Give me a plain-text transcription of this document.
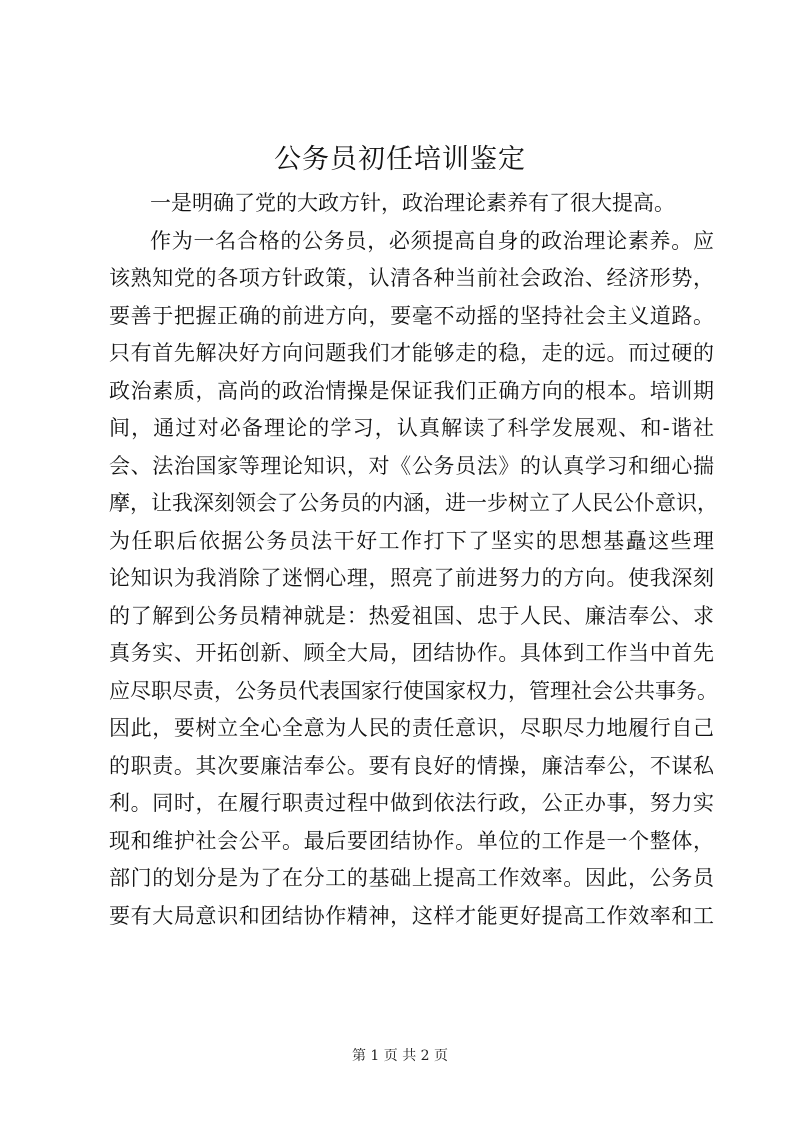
公务员初任培训鉴定
一是明确了党的大政方针，政治理论素养有了很大提高。
作为一名合格的公务员，必须提高自身的政治理论素养。应
该熟知党的各项方针政策，认清各种当前社会政治、经济形势，
要善于把握正确的前进方向，要毫不动摇的坚持社会主义道路。
只有首先解决好方向问题我们才能够走的稳，走的远。而过硬的
政治素质，高尚的政治情操是保证我们正确方向的根本。培训期
间，通过对必备理论的学习，认真解读了科学发展观、和-谐社
会、法治国家等理论知识，对《公务员法》的认真学习和细心揣
摩，让我深刻领会了公务员的内涵，进一步树立了人民公仆意识，
为任职后依据公务员法干好工作打下了坚实的思想基矗这些理
论知识为我消除了迷惘心理，照亮了前进努力的方向。使我深刻
的了解到公务员精神就是：热爱祖国、忠于人民、廉洁奉公、求
真务实、开拓创新、顾全大局，团结协作。具体到工作当中首先
应尽职尽责，公务员代表国家行使国家权力，管理社会公共事务。
因此，要树立全心全意为人民的责任意识，尽职尽力地履行自己
的职责。其次要廉洁奉公。要有良好的情操，廉洁奉公，不谋私
利。同时，在履行职责过程中做到依法行政，公正办事，努力实
现和维护社会公平。最后要团结协作。单位的工作是一个整体，
部门的划分是为了在分工的基础上提高工作效率。因此，公务员
要有大局意识和团结协作精神，这样才能更好提高工作效率和工
第 1 页 共 2 页
